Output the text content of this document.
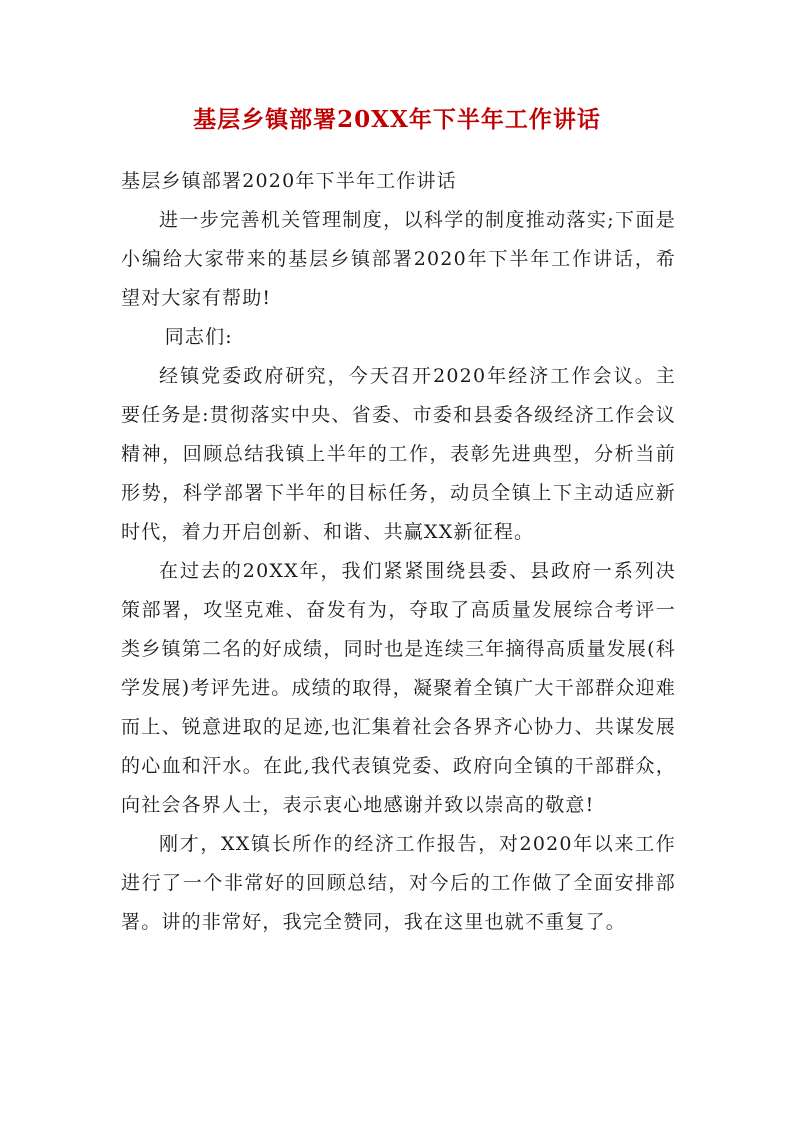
基层乡镇部署20XX年下半年工作讲话

基层乡镇部署2020年下半年工作讲话

进一步完善机关管理制度，以科学的制度推动落实;下面是小编给大家带来的基层乡镇部署2020年下半年工作讲话，希望对大家有帮助!

同志们:

经镇党委政府研究，今天召开2020年经济工作会议。主要任务是:贯彻落实中央、省委、市委和县委各级经济工作会议精神，回顾总结我镇上半年的工作，表彰先进典型，分析当前形势，科学部署下半年的目标任务，动员全镇上下主动适应新时代，着力开启创新、和谐、共赢XX新征程。

在过去的20XX年，我们紧紧围绕县委、县政府一系列决策部署，攻坚克难、奋发有为，夺取了高质量发展综合考评一类乡镇第二名的好成绩，同时也是连续三年摘得高质量发展(科学发展)考评先进。成绩的取得，凝聚着全镇广大干部群众迎难而上、锐意进取的足迹,也汇集着社会各界齐心协力、共谋发展的心血和汗水。在此,我代表镇党委、政府向全镇的干部群众，向社会各界人士，表示衷心地感谢并致以崇高的敬意!

刚才，XX镇长所作的经济工作报告，对2020年以来工作进行了一个非常好的回顾总结，对今后的工作做了全面安排部署。讲的非常好，我完全赞同，我在这里也就不重复了。
